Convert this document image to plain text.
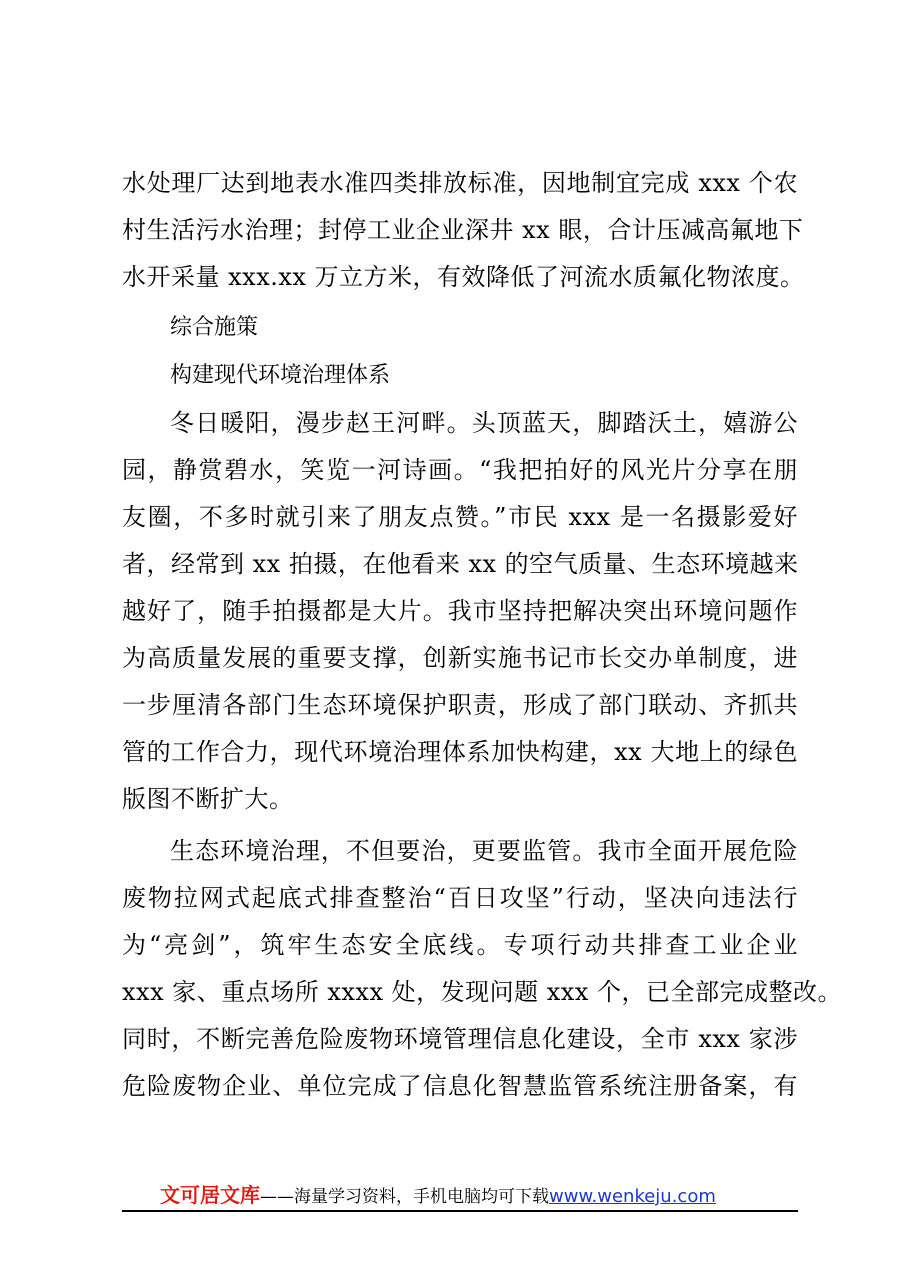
水处理厂达到地表水准四类排放标准，因地制宜完成 xxx 个农
村生活污水治理；封停工业企业深井 xx 眼，合计压减高氟地下
水开采量 xxx.xx 万立方米，有效降低了河流水质氟化物浓度。
综合施策
构建现代环境治理体系
冬日暖阳，漫步赵王河畔。头顶蓝天，脚踏沃土，嬉游公
园，静赏碧水，笑览一河诗画。“我把拍好的风光片分享在朋
友圈，不多时就引来了朋友点赞。”市民 xxx 是一名摄影爱好
者，经常到 xx 拍摄，在他看来 xx 的空气质量、生态环境越来
越好了，随手拍摄都是大片。我市坚持把解决突出环境问题作
为高质量发展的重要支撑，创新实施书记市长交办单制度，进
一步厘清各部门生态环境保护职责，形成了部门联动、齐抓共
管的工作合力，现代环境治理体系加快构建，xx 大地上的绿色
版图不断扩大。
生态环境治理，不但要治，更要监管。我市全面开展危险
废物拉网式起底式排查整治“百日攻坚”行动，坚决向违法行
为“亮剑”，筑牢生态安全底线。专项行动共排查工业企业
xxx 家、重点场所 xxxx 处，发现问题 xxx 个，已全部完成整改。
同时，不断完善危险废物环境管理信息化建设，全市 xxx 家涉
危险废物企业、单位完成了信息化智慧监管系统注册备案，有
文可居文库——海量学习资料，手机电脑均可下载www.wenkeju.com
